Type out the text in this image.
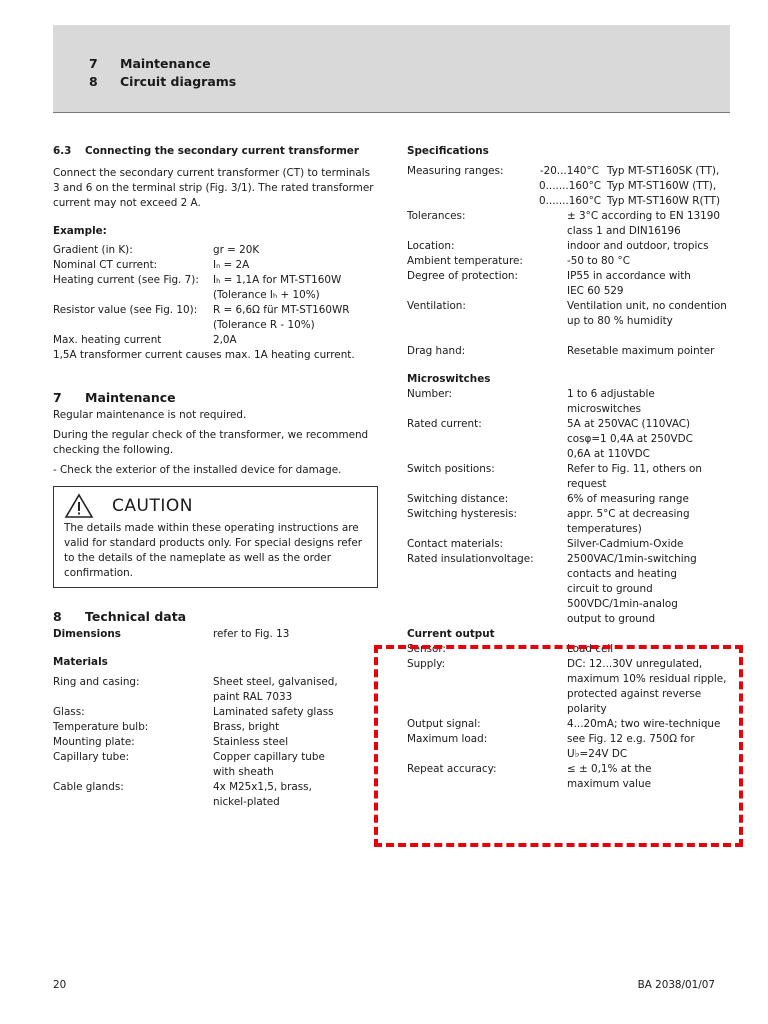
7 Maintenance
8 Circuit diagrams

6.3 Connecting the secondary current transformer

Connect the secondary current transformer (CT) to terminals 3 and 6 on the terminal strip (Fig. 3/1). The rated transformer current may not exceed 2 A.

Example:

Gradient (in K):	gr = 20K
Nominal CT current:	Iₙ = 2A
Heating current (see Fig. 7):	Iₕ = 1,1A for MT-ST160W
(Tolerance Iₕ + 10%)
Resistor value (see Fig. 10):	R = 6,6Ω für MT-ST160WR
(Tolerance R - 10%)
Max. heating current	2,0A

1,5A transformer current causes max. 1A heating current.

7 Maintenance

Regular maintenance is not required.

During the regular check of the transformer, we recommend checking the following.

- Check the exterior of the installed device for damage.

CAUTION

The details made within these operating instructions are valid for standard products only. For special designs refer to the details of the nameplate as well as the order confirmation.

8 Technical data

Dimensions	refer to Fig. 13

Materials

Ring and casing:	Sheet steel, galvanised, paint RAL 7033
Glass:	Laminated safety glass
Temperature bulb:	Brass, bright
Mounting plate:	Stainless steel
Capillary tube:	Copper capillary tube with sheath
Cable glands:	4x M25x1,5, brass, nickel-plated

Specifications

Measuring ranges:	-20...140°C Typ MT-ST160SK (TT),
0.......160°C Typ MT-ST160W (TT),
0.......160°C Typ MT-ST160W R(TT)
Tolerances:	± 3°C according to EN 13190 class 1 and DIN16196
Location:	indoor and outdoor, tropics
Ambient temperature:	-50 to 80 °C
Degree of protection:	IP55 in accordance with IEC 60 529
Ventilation:	Ventilation unit, no condention up to 80 % humidity
Drag hand:	Resetable maximum pointer

Microswitches

Number:	1 to 6 adjustable microswitches
Rated current:	5A at 250VAC (110VAC) cosφ=1 0,4A at 250VDC 0,6A at 110VDC
Switch positions:	Refer to Fig. 11, others on request
Switching distance:	6% of measuring range
Switching hysteresis:	appr. 5°C at decreasing temperatures)
Contact materials:	Silver-Cadmium-Oxide
Rated insulationvoltage:	2500VAC/1min-switching contacts and heating circuit to ground 500VDC/1min-analog output to ground

Current output

Sensor:	Load cell
Supply:	DC: 12...30V unregulated, maximum 10% residual ripple, protected against reverse polarity
Output signal:	4...20mA; two wire-technique
Maximum load:	see Fig. 12 e.g. 750Ω for U♭=24V DC
Repeat accuracy:	≤ ± 0,1% at the maximum value
20	BA 2038/01/07
